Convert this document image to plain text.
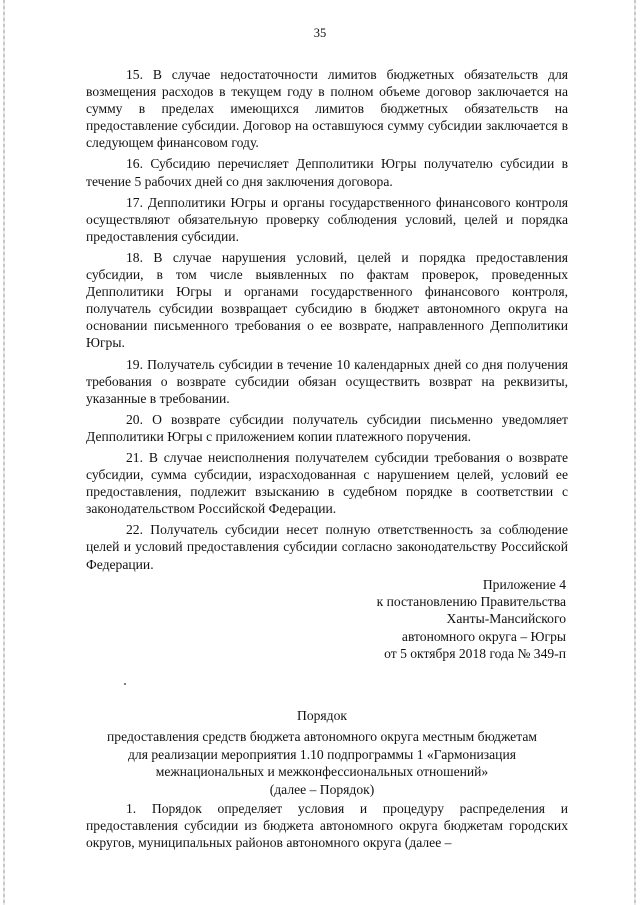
35

15. В случае недостаточности лимитов бюджетных обязательств для возмещения расходов в текущем году в полном объеме договор заключается на сумму в пределах имеющихся лимитов бюджетных обязательств на предоставление субсидии. Договор на оставшуюся сумму субсидии заключается в следующем финансовом году.

16. Субсидию перечисляет Депполитики Югры получателю субсидии в течение 5 рабочих дней со дня заключения договора.

17. Депполитики Югры и органы государственного финансового контроля осуществляют обязательную проверку соблюдения условий, целей и порядка предоставления субсидии.

18. В случае нарушения условий, целей и порядка предоставления субсидии, в том числе выявленных по фактам проверок, проведенных Депполитики Югры и органами государственного финансового контроля, получатель субсидии возвращает субсидию в бюджет автономного округа на основании письменного требования о ее возврате, направленного Депполитики Югры.

19. Получатель субсидии в течение 10 календарных дней со дня получения требования о возврате субсидии обязан осуществить возврат на реквизиты, указанные в требовании.

20. О возврате субсидии получатель субсидии письменно уведомляет Депполитики Югры с приложением копии платежного поручения.

21. В случае неисполнения получателем субсидии требования о возврате субсидии, сумма субсидии, израсходованная с нарушением целей, условий ее предоставления, подлежит взысканию в судебном порядке в соответствии с законодательством Российской Федерации.

22. Получатель субсидии несет полную ответственность за соблюдение целей и условий предоставления субсидии согласно законодательству Российской Федерации.

Приложение 4
к постановлению Правительства
Ханты-Мансийского
автономного округа – Югры
от 5 октября 2018 года № 349-п
Порядок
предоставления средств бюджета автономного округа местным бюджетам
для реализации мероприятия 1.10 подпрограммы 1 «Гармонизация
межнациональных и межконфессиональных отношений»
(далее – Порядок)

1. Порядок определяет условия и процедуру распределения и предоставления субсидии из бюджета автономного округа бюджетам городских округов, муниципальных районов автономного округа (далее –
